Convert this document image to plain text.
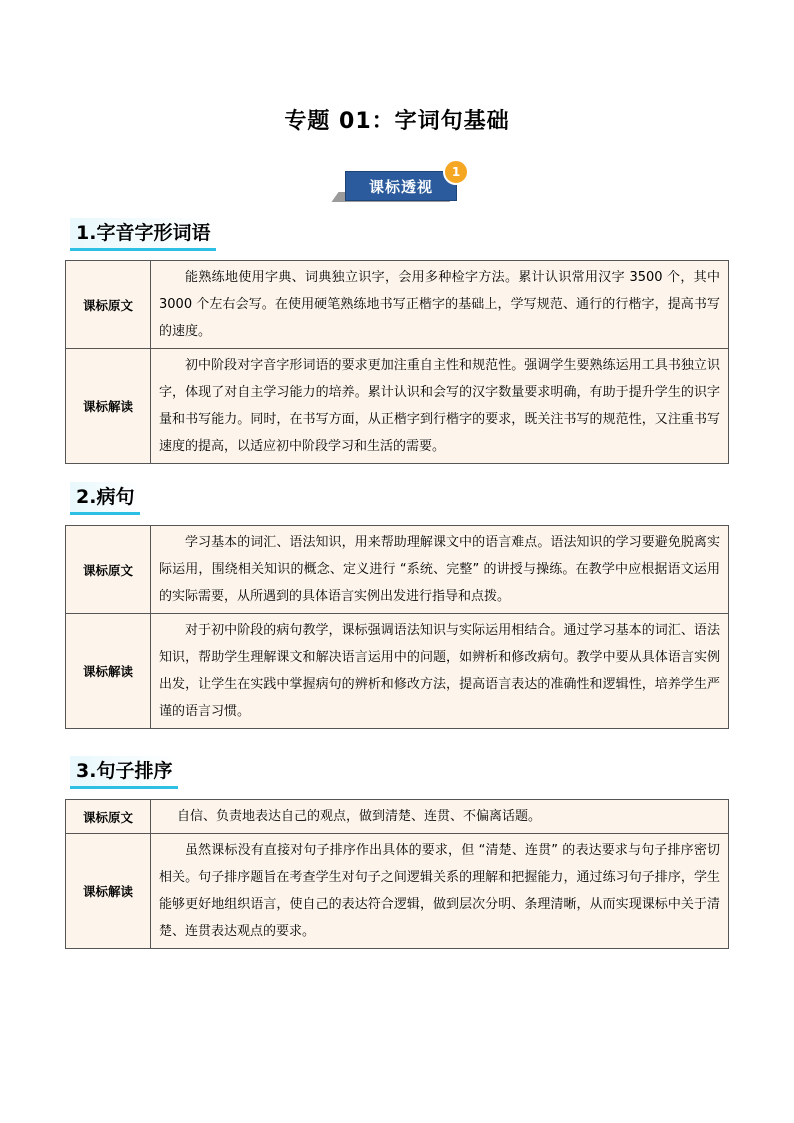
专题 01：字词句基础
课标透视
1
1.字音字形词语
课标原文	能熟练地使用字典、词典独立识字，会用多种检字方法。累计认识常用汉字 3500 个，其中 3000 个左右会写。在使用硬笔熟练地书写正楷字的基础上，学写规范、通行的行楷字，提高书写的速度。
课标解读	初中阶段对字音字形词语的要求更加注重自主性和规范性。强调学生要熟练运用工具书独立识字，体现了对自主学习能力的培养。累计认识和会写的汉字数量要求明确，有助于提升学生的识字量和书写能力。同时，在书写方面，从正楷字到行楷字的要求，既关注书写的规范性，又注重书写速度的提高，以适应初中阶段学习和生活的需要。
2.病句
课标原文	学习基本的词汇、语法知识，用来帮助理解课文中的语言难点。语法知识的学习要避免脱离实际运用，围绕相关知识的概念、定义进行 “系统、完整” 的讲授与操练。在教学中应根据语文运用的实际需要，从所遇到的具体语言实例出发进行指导和点拨。
课标解读	对于初中阶段的病句教学，课标强调语法知识与实际运用相结合。通过学习基本的词汇、语法知识，帮助学生理解课文和解决语言运用中的问题，如辨析和修改病句。教学中要从具体语言实例出发，让学生在实践中掌握病句的辨析和修改方法，提高语言表达的准确性和逻辑性，培养学生严谨的语言习惯。
3.句子排序
课标原文	自信、负责地表达自己的观点，做到清楚、连贯、不偏离话题。
课标解读	虽然课标没有直接对句子排序作出具体的要求，但 “清楚、连贯” 的表达要求与句子排序密切相关。句子排序题旨在考查学生对句子之间逻辑关系的理解和把握能力，通过练习句子排序，学生能够更好地组织语言，使自己的表达符合逻辑，做到层次分明、条理清晰，从而实现课标中关于清楚、连贯表达观点的要求。
